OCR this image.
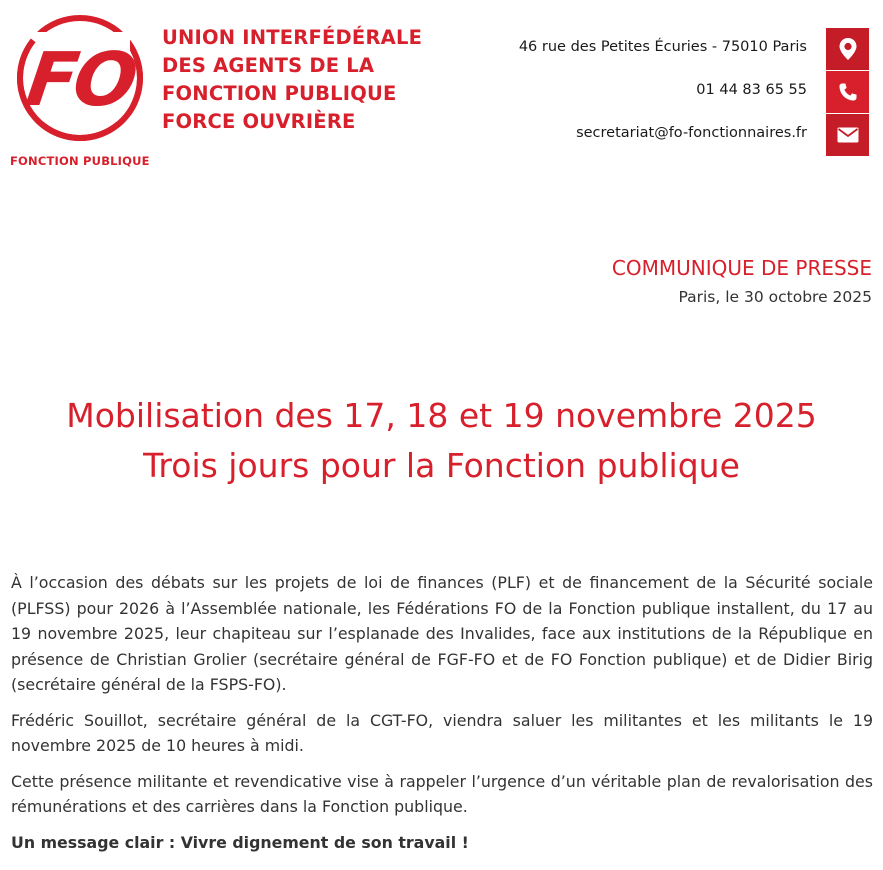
FO
FONCTION PUBLIQUE
UNION INTERFÉDÉRALE
DES AGENTS DE LA
FONCTION PUBLIQUE
FORCE OUVRIÈRE
46 rue des Petites Écuries - 75010 Paris
01 44 83 65 55
secretariat@fo-fonctionnaires.fr
COMMUNIQUE DE PRESSE
Paris, le 30 octobre 2025
Mobilisation des 17, 18 et 19 novembre 2025
Trois jours pour la Fonction publique

À l’occasion des débats sur les projets de loi de finances (PLF) et de financement de la Sécurité sociale (PLFSS) pour 2026 à l’Assemblée nationale, les Fédérations FO de la Fonction publique installent, du 17 au 19 novembre 2025, leur chapiteau sur l’esplanade des Invalides, face aux institutions de la République en présence de Christian Grolier (secrétaire général de FGF-FO et de FO Fonction publique) et de Didier Birig (secrétaire général de la FSPS-FO).

Frédéric Souillot, secrétaire général de la CGT-FO, viendra saluer les militantes et les militants le 19 novembre 2025 de 10 heures à midi.

Cette présence militante et revendicative vise à rappeler l’urgence d’un véritable plan de revalorisation des rémunérations et des carrières dans la Fonction publique.

Un message clair : Vivre dignement de son travail !
